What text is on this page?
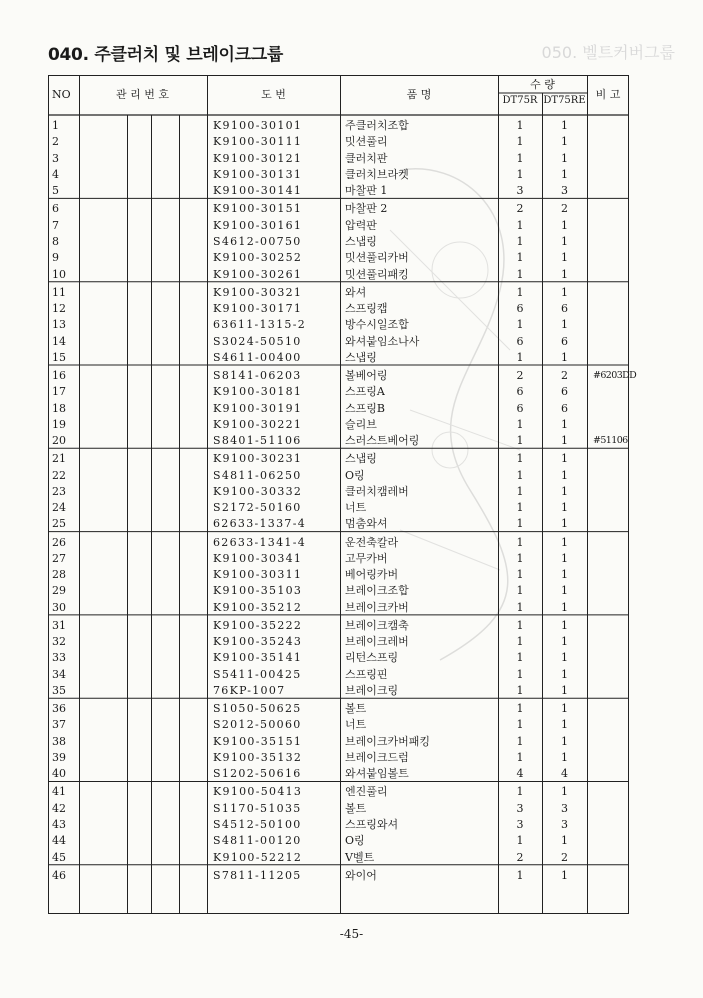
040. 주클러치 및 브레이크그룹	050. 벨트커버그룹
NO	관 리 번 호	도 번	품 명
수 량
DT75R DT75RE 비 고
1	K9100-30101	주클러치조합	1	1
2	K9100-30111	밋션풀리	1	1
3	K9100-30121	클러치판	1	1
4	K9100-30131	클러치브라켓	1	1
5	K9100-30141	마찰판 1	3	3
6	K9100-30151	마찰판 2	2	2
7	K9100-30161	압력판	1	1
8	S4612-00750	스냅링	1	1
9	K9100-30252	밋션풀리카버	1	1
10	K9100-30261	밋션풀리패킹	1	1
11	K9100-30321	와셔	1	1
12	K9100-30171	스프링캡	6	6
13	63611-1315-2	방수시일조합	1	1
14	S3024-50510	와셔붙임소나사	6	6
15	S4611-00400	스냅링	1	1
16	S8141-06203	볼베어링	2	2	#6203DD
17	K9100-30181	스프링A	6	6
18	K9100-30191	스프링B	6	6
19	K9100-30221	슬리브	1	1
20	S8401-51106	스러스트베어링	1	1	#51106
21	K9100-30231	스냅링	1	1
22	S4811-06250	O링	1	1
23	K9100-30332	클러치캠레버	1	1
24	S2172-50160	너트	1	1
25	62633-1337-4	멈춤와셔	1	1
26	62633-1341-4	운전축칼라	1	1
27	K9100-30341	고무카버	1	1
28	K9100-30311	베어링카버	1	1
29	K9100-35103	브레이크조합	1	1
30	K9100-35212	브레이크카버	1	1
31	K9100-35222	브레이크캠축	1	1
32	K9100-35243	브레이크레버	1	1
33	K9100-35141	리턴스프링	1	1
34	S5411-00425	스프링핀	1	1
35	76KP-1007	브레이크링	1	1
36	S1050-50625	볼트	1	1
37	S2012-50060	너트	1	1
38	K9100-35151	브레이크카버패킹	1	1
39	K9100-35132	브레이크드럼	1	1
40	S1202-50616	와셔붙임볼트	4	4
41	K9100-50413	엔진풀리	1	1
42	S1170-51035	볼트	3	3
43	S4512-50100	스프링와셔	3	3
44	S4811-00120	O링	1	1
45	K9100-52212	V벨트	2	2
46	S7811-11205	와이어	1	1
-45-
